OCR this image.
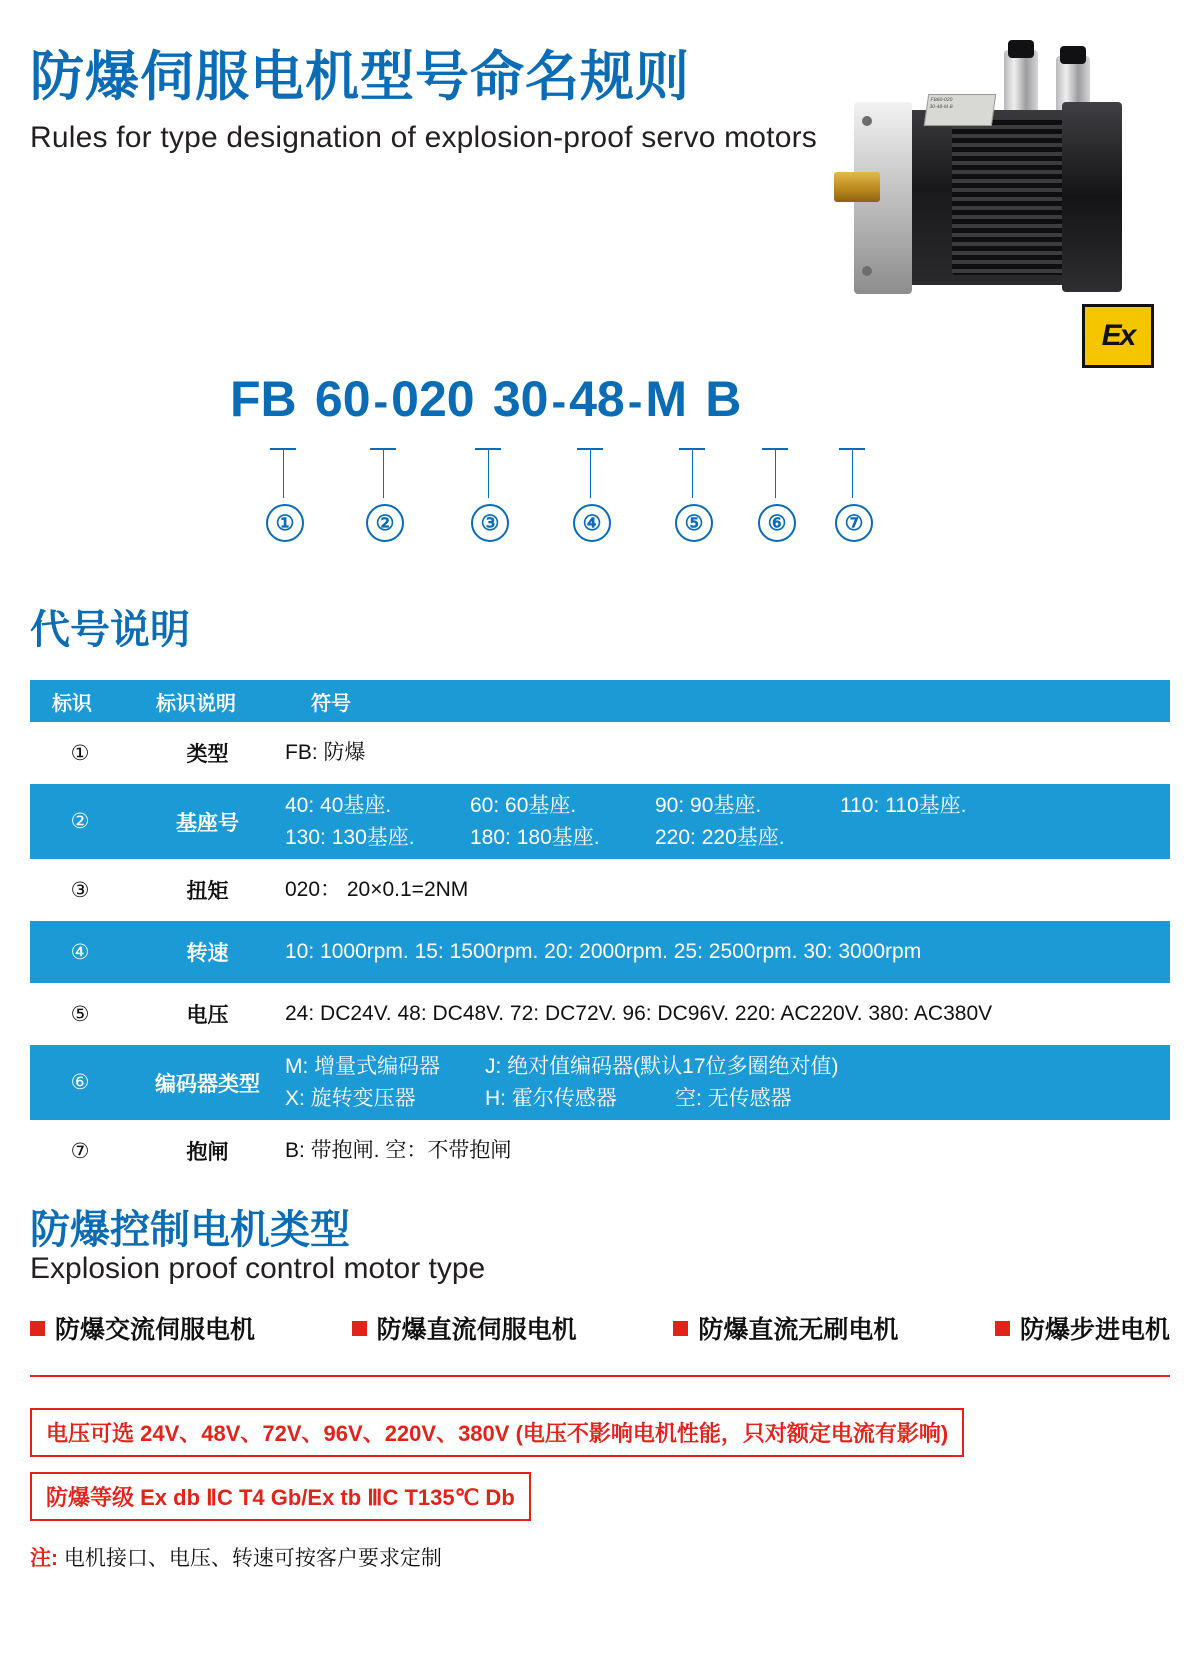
防爆伺服电机型号命名规则
Rules for type designation of explosion-proof servo motors
FB60-020
30-48-M B
Ex
FB
60 - 020
30 - 48 - M
B
①	②	③	④	⑤	⑥	⑦
代号说明
标识	标识说明	符号
①	类型	FB: 防爆
②	基座号
40: 40基座.	60: 60基座.	90: 90基座.	110: 110基座.
130: 130基座.	180: 180基座.	220: 220基座.
③	扭矩	020： 20×0.1=2NM
④	转速	10: 1000rpm. 15: 1500rpm. 20: 2000rpm. 25: 2500rpm. 30: 3000rpm
⑤	电压	24: DC24V. 48: DC48V. 72: DC72V. 96: DC96V. 220: AC220V. 380: AC380V
⑥	编码器类型
M: 增量式编码器	J: 绝对值编码器(默认17位多圈绝对值)
X: 旋转变压器	H: 霍尔传感器	空: 无传感器
⑦	抱闸	B: 带抱闸. 空：不带抱闸
防爆控制电机类型
Explosion proof control motor type
防爆交流伺服电机	防爆直流伺服电机	防爆直流无刷电机	防爆步进电机
电压可选 24V、48V、72V、96V、220V、380V (电压不影响电机性能，只对额定电流有影响)
防爆等级 Ex db ⅡC T4 Gb/Ex tb ⅢC T135℃ Db
注: 电机接口、电压、转速可按客户要求定制
